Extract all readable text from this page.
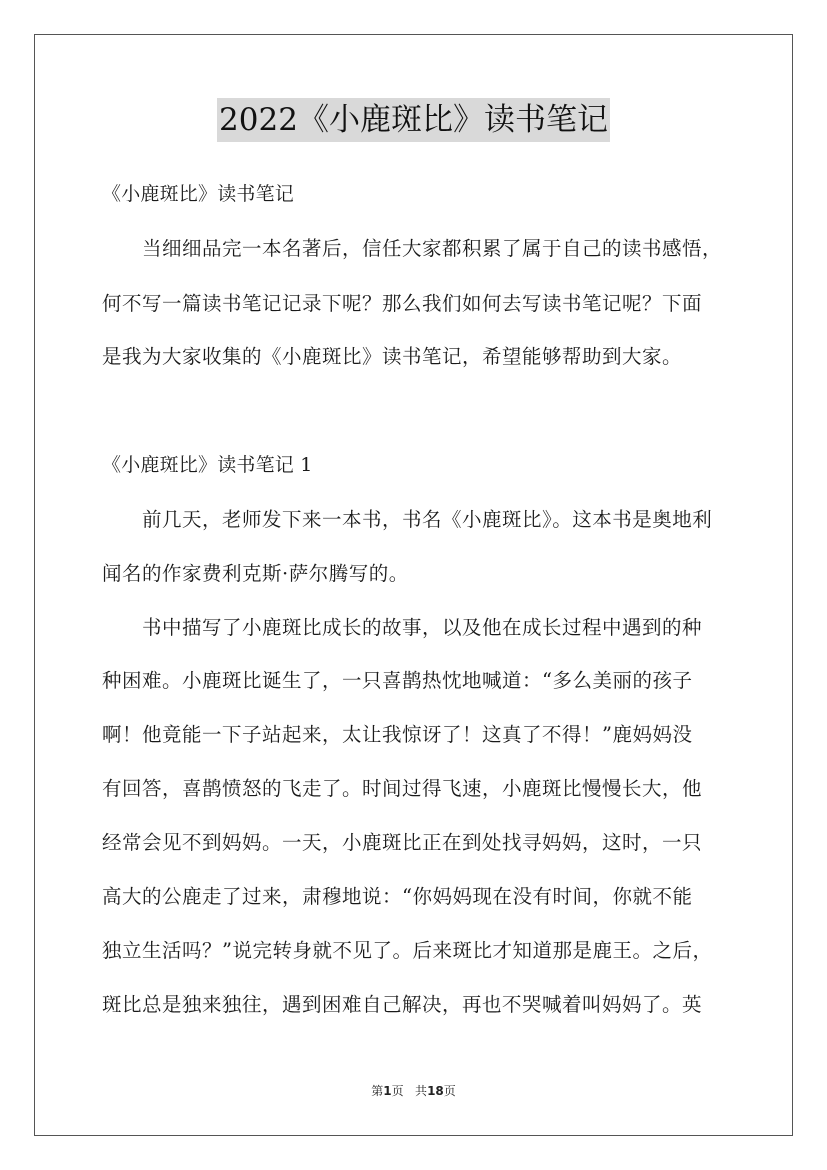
2022《小鹿斑比》读书笔记
《小鹿斑比》读书笔记
当细细品完一本名著后，信任大家都积累了属于自己的读书感悟，
何不写一篇读书笔记记录下呢？那么我们如何去写读书笔记呢？下面
是我为大家收集的《小鹿斑比》读书笔记，希望能够帮助到大家。
《小鹿斑比》读书笔记 1
前几天，老师发下来一本书，书名《小鹿斑比》。这本书是奥地利
闻名的作家费利克斯·萨尔腾写的。
书中描写了小鹿斑比成长的故事，以及他在成长过程中遇到的种
种困难。小鹿斑比诞生了，一只喜鹊热忱地喊道：“多么美丽的孩子
啊！他竟能一下子站起来，太让我惊讶了！这真了不得！”鹿妈妈没
有回答，喜鹊愤怒的飞走了。时间过得飞速，小鹿斑比慢慢长大，他
经常会见不到妈妈。一天，小鹿斑比正在到处找寻妈妈，这时，一只
高大的公鹿走了过来，肃穆地说：“你妈妈现在没有时间，你就不能
独立生活吗？”说完转身就不见了。后来斑比才知道那是鹿王。之后，
斑比总是独来独往，遇到困难自己解决，再也不哭喊着叫妈妈了。英
第1页 共18页
